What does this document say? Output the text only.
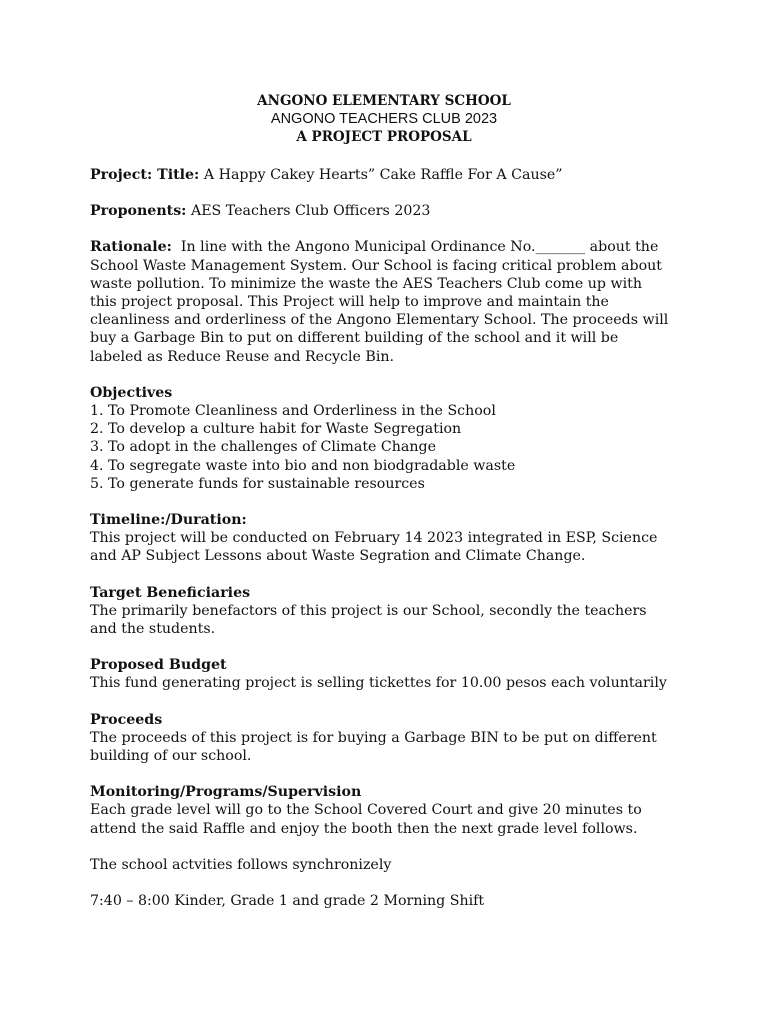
ANGONO ELEMENTARY SCHOOL
ANGONO TEACHERS CLUB 2023
A PROJECT PROPOSAL

Project: Title: A Happy Cakey Hearts” Cake Raffle For A Cause”

Proponents: AES Teachers Club Officers 2023

Rationale: In line with the Angono Municipal Ordinance No._______ about the
School Waste Management System. Our School is facing critical problem about
waste pollution. To minimize the waste the AES Teachers Club come up with
this project proposal. This Project will help to improve and maintain the
cleanliness and orderliness of the Angono Elementary School. The proceeds will
buy a Garbage Bin to put on different building of the school and it will be
labeled as Reduce Reuse and Recycle Bin.
Objectives
1. To Promote Cleanliness and Orderliness in the School
2. To develop a culture habit for Waste Segregation
3. To adopt in the challenges of Climate Change
4. To segregate waste into bio and non biodgradable waste
5. To generate funds for sustainable resources
Timeline:/Duration:
This project will be conducted on February 14 2023 integrated in ESP, Science
and AP Subject Lessons about Waste Segration and Climate Change.
Target Beneficiaries
The primarily benefactors of this project is our School, secondly the teachers
and the students.
Proposed Budget
This fund generating project is selling tickettes for 10.00 pesos each voluntarily
Proceeds
The proceeds of this project is for buying a Garbage BIN to be put on different
building of our school.
Monitoring/Programs/Supervision
Each grade level will go to the School Covered Court and give 20 minutes to
attend the said Raffle and enjoy the booth then the next grade level follows.

The school actvities follows synchronizely

7:40 – 8:00 Kinder, Grade 1 and grade 2 Morning Shift
